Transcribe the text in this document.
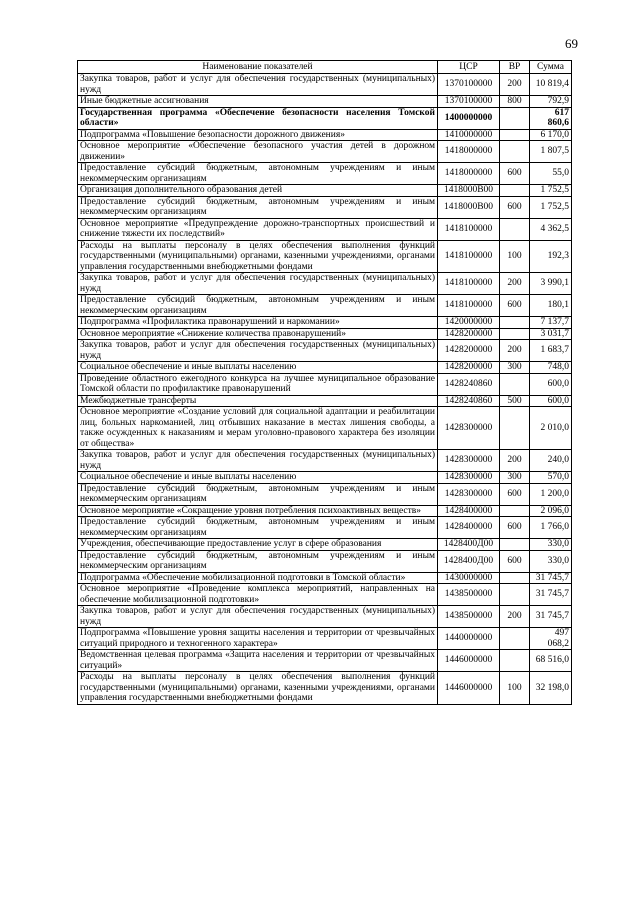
69
Наименование показателей	ЦСР	ВР	Сумма
Закупка товаров, работ и услуг для обеспечения государственных (муниципальных) нужд	1370100000	200	10 819,4
Иные бюджетные ассигнования	1370100000	800	792,9
Государственная программа «Обеспечение безопасности населения Томской области»	1400000000		617 860,6
Подпрограмма «Повышение безопасности дорожного движения»	1410000000		6 170,0
Основное мероприятие «Обеспечение безопасного участия детей в дорожном движении»	1418000000		1 807,5
Предоставление субсидий бюджетным, автономным учреждениям и иным некоммерческим организациям	1418000000	600	55,0
Организация дополнительного образования детей	1418000В00		1 752,5
Предоставление субсидий бюджетным, автономным учреждениям и иным некоммерческим организациям	1418000В00	600	1 752,5
Основное мероприятие «Предупреждение дорожно-транспортных происшествий и снижение тяжести их последствий»	1418100000		4 362,5
Расходы на выплаты персоналу в целях обеспечения выполнения функций государственными (муниципальными) органами, казенными учреждениями, органами управления государственными внебюджетными фондами	1418100000	100	192,3
Закупка товаров, работ и услуг для обеспечения государственных (муниципальных) нужд	1418100000	200	3 990,1
Предоставление субсидий бюджетным, автономным учреждениям и иным некоммерческим организациям	1418100000	600	180,1
Подпрограмма «Профилактика правонарушений и наркомании»	1420000000		7 137,7
Основное мероприятие «Снижение количества правонарушений»	1428200000		3 031,7
Закупка товаров, работ и услуг для обеспечения государственных (муниципальных) нужд	1428200000	200	1 683,7
Социальное обеспечение и иные выплаты населению	1428200000	300	748,0
Проведение областного ежегодного конкурса на лучшее муниципальное образование Томской области по профилактике правонарушений	1428240860		600,0
Межбюджетные трансферты	1428240860	500	600,0
Основное мероприятие «Создание условий для социальной адаптации и реабилитации лиц, больных наркоманией, лиц отбывших наказание в местах лишения свободы, а также осужденных к наказаниям и мерам уголовно-правового характера без изоляции от общества»	1428300000		2 010,0
Закупка товаров, работ и услуг для обеспечения государственных (муниципальных) нужд	1428300000	200	240,0
Социальное обеспечение и иные выплаты населению	1428300000	300	570,0
Предоставление субсидий бюджетным, автономным учреждениям и иным некоммерческим организациям	1428300000	600	1 200,0
Основное мероприятие «Сокращение уровня потребления психоактивных веществ»	1428400000		2 096,0
Предоставление субсидий бюджетным, автономным учреждениям и иным некоммерческим организациям	1428400000	600	1 766,0
Учреждения, обеспечивающие предоставление услуг в сфере образования	1428400Д00		330,0
Предоставление субсидий бюджетным, автономным учреждениям и иным некоммерческим организациям	1428400Д00	600	330,0
Подпрограмма «Обеспечение мобилизационной подготовки в Томской области»	1430000000		31 745,7
Основное мероприятие «Проведение комплекса мероприятий, направленных на обеспечение мобилизационной подготовки»	1438500000		31 745,7
Закупка товаров, работ и услуг для обеспечения государственных (муниципальных) нужд	1438500000	200	31 745,7
Подпрограмма «Повышение уровня защиты населения и территории от чрезвычайных ситуаций природного и техногенного характера»	1440000000		497 068,2
Ведомственная целевая программа «Защита населения и территории от чрезвычайных ситуаций»	1446000000		68 516,0
Расходы на выплаты персоналу в целях обеспечения выполнения функций государственными (муниципальными) органами, казенными учреждениями, органами управления государственными внебюджетными фондами	1446000000	100	32 198,0
